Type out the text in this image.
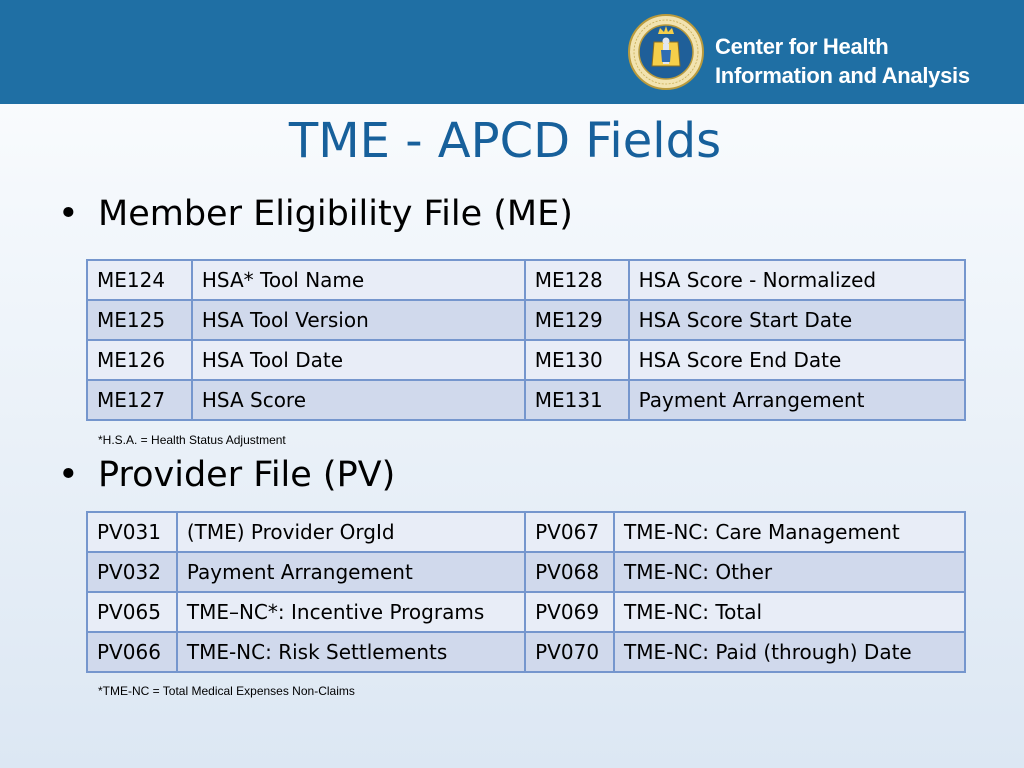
Center for Health
Information and Analysis
TME - APCD Fields
• Member Eligibility File (ME)
ME124	HSA* Tool Name	ME128	HSA Score - Normalized
ME125	HSA Tool Version	ME129	HSA Score Start Date
ME126	HSA Tool Date	ME130	HSA Score End Date
ME127	HSA Score	ME131	Payment Arrangement
*H.S.A. = Health Status Adjustment
• Provider File (PV)
PV031	(TME) Provider OrgId	PV067	TME-NC: Care Management
PV032	Payment Arrangement	PV068	TME-NC: Other
PV065	TME–NC*: Incentive Programs	PV069	TME-NC: Total
PV066	TME-NC: Risk Settlements	PV070	TME-NC: Paid (through) Date
*TME-NC = Total Medical Expenses Non-Claims
